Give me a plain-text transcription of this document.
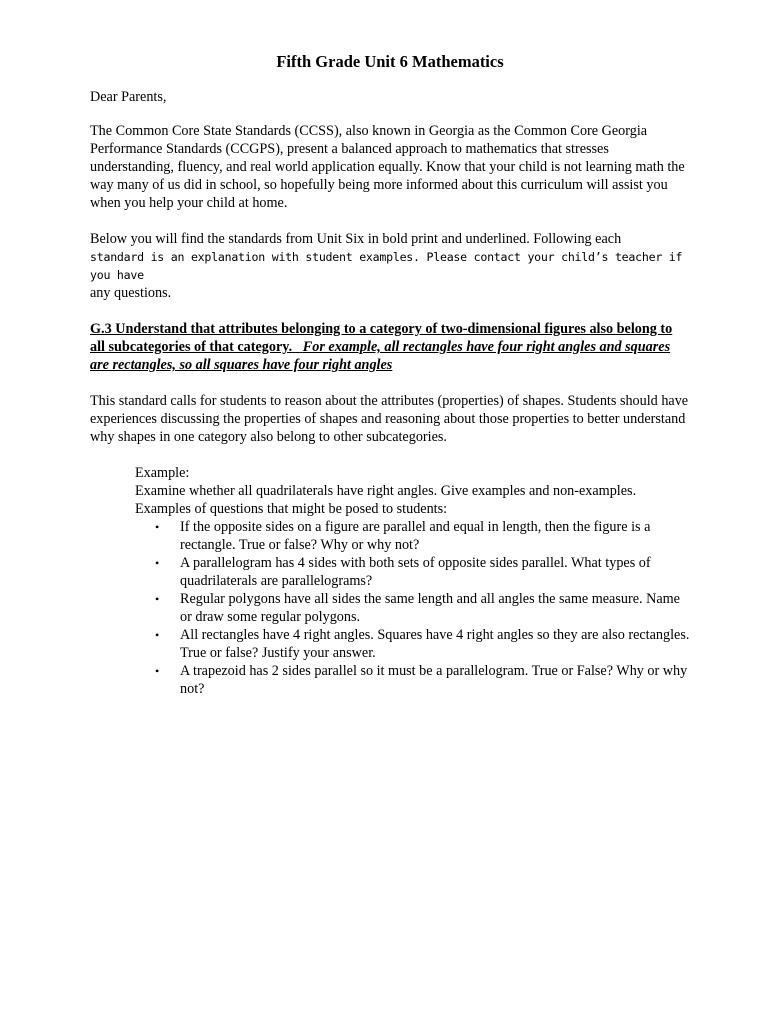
Fifth Grade Unit 6 Mathematics
Dear Parents,
The Common Core State Standards (CCSS), also known in Georgia as the Common Core Georgia Performance Standards (CCGPS), present a balanced approach to mathematics that stresses understanding, fluency, and real world application equally. Know that your child is not learning math the way many of us did in school, so hopefully being more informed about this curriculum will assist you when you help your child at home.
Below you will find the standards from Unit Six in bold print and underlined. Following each
standard is an explanation with student examples. Please contact your child’s teacher if you have
any questions.
G.3 Understand that attributes belonging to a category of two-dimensional figures also belong to all subcategories of that category. For example, all rectangles have four right angles and squares are rectangles, so all squares have four right angles
This standard calls for students to reason about the attributes (properties) of shapes. Students should have experiences discussing the properties of shapes and reasoning about those properties to better understand why shapes in one category also belong to other subcategories.
Example:
Examine whether all quadrilaterals have right angles. Give examples and non-examples.
Examples of questions that might be posed to students:
• If the opposite sides on a figure are parallel and equal in length, then the figure is a rectangle. True or false? Why or why not?
• A parallelogram has 4 sides with both sets of opposite sides parallel. What types of quadrilaterals are parallelograms?
• Regular polygons have all sides the same length and all angles the same measure. Name or draw some regular polygons.
• All rectangles have 4 right angles. Squares have 4 right angles so they are also rectangles. True or false? Justify your answer.
• A trapezoid has 2 sides parallel so it must be a parallelogram. True or False? Why or why not?
